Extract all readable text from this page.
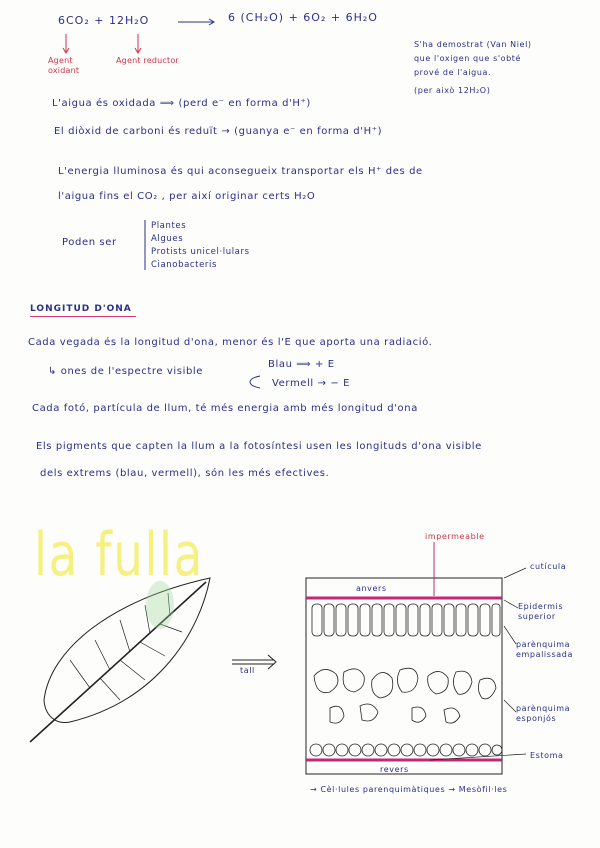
6CO₂ + 12H₂O	6 (CH₂O) + 6O₂ + 6H₂O
Agent oxidant
Agent reductor
S'ha demostrat (Van Niel)
que l'oxigen que s'obté
prové de l'aigua.
(per això 12H₂O)
L'aigua és oxidada ⟹ (perd e⁻ en forma d'H⁺)
El diòxid de carboni és reduït → (guanya e⁻ en forma d'H⁺)
L'energia lluminosa és qui aconsegueix transportar els H⁺ des de
l'aigua fins el CO₂ , per així originar certs H₂O
Poden ser
Plantes
Algues
Protists unicel·lulars
Cianobacteris
LONGITUD D'ONA
Cada vegada és la longitud d'ona, menor és l'E que aporta una radiació.
↳ ones de l'espectre visible
Blau ⟹ + E
Vermell → − E
Cada fotó, partícula de llum, té més energia amb més longitud d'ona
Els pigments que capten la llum a la fotosíntesi usen les longituds d'ona visible
dels extrems (blau, vermell), són les més efectives.
la fulla
tall
impermeable
anvers
revers
cutícula
Epidermis superior
parènquima empalissada
parènquima esponjós
Estoma
→ Cèl·lules parenquimàtiques → Mesòfil·les
